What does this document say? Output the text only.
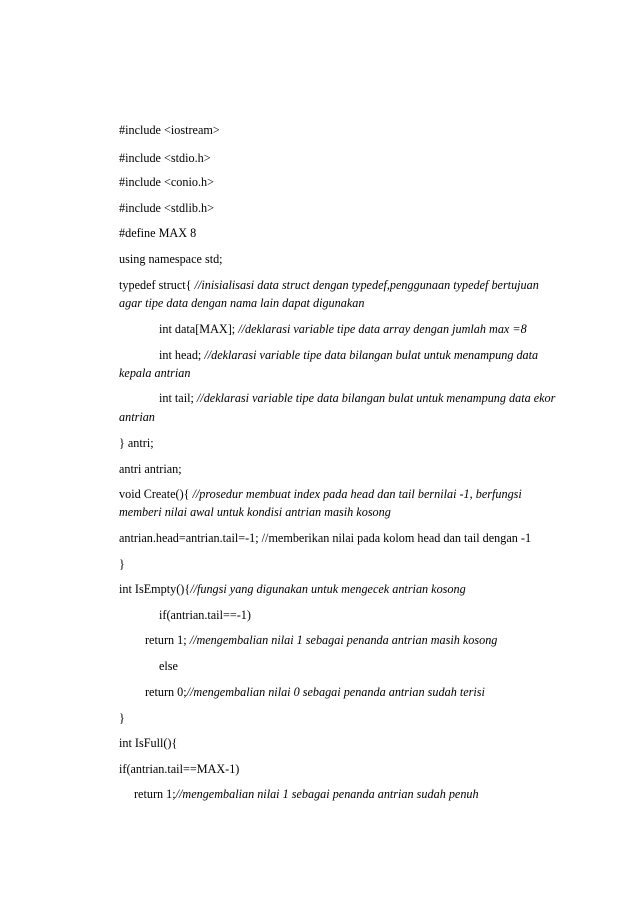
#include <iostream>
#include <stdio.h>
#include <conio.h>
#include <stdlib.h>
#define MAX 8
using namespace std;
typedef struct{ //inisialisasi data struct dengan typedef,penggunaan typedef bertujuan
agar tipe data dengan nama lain dapat digunakan
int data[MAX]; //deklarasi variable tipe data array dengan jumlah max =8
int head; //deklarasi variable tipe data bilangan bulat untuk menampung data
kepala antrian
int tail; //deklarasi variable tipe data bilangan bulat untuk menampung data ekor
antrian
} antri;
antri antrian;
void Create(){ //prosedur membuat index pada head dan tail bernilai -1, berfungsi
memberi nilai awal untuk kondisi antrian masih kosong
antrian.head=antrian.tail=-1; //memberikan nilai pada kolom head dan tail dengan -1
}
int IsEmpty(){//fungsi yang digunakan untuk mengecek antrian kosong
if(antrian.tail==-1)
return 1; //mengembalian nilai 1 sebagai penanda antrian masih kosong
else
return 0;//mengembalian nilai 0 sebagai penanda antrian sudah terisi
}
int IsFull(){
if(antrian.tail==MAX-1)
return 1;//mengembalian nilai 1 sebagai penanda antrian sudah penuh
